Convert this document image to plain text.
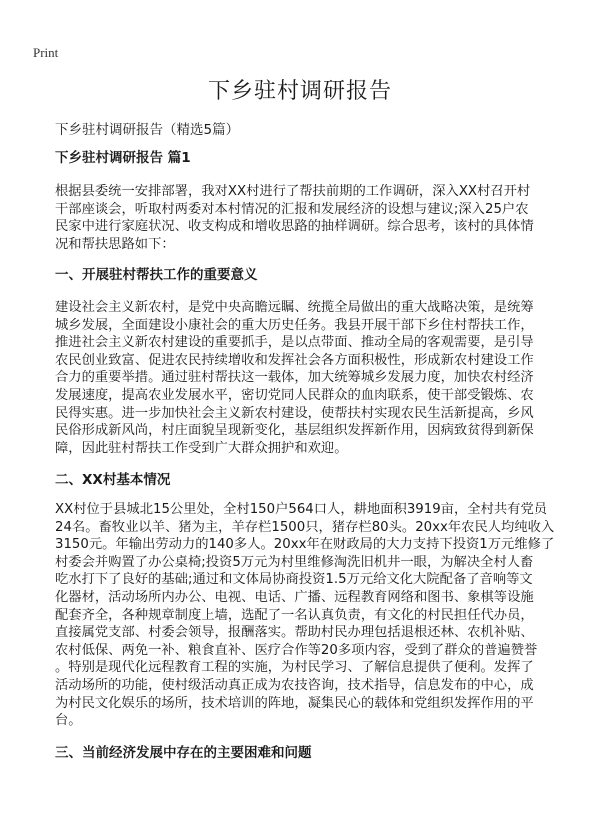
Print
下乡驻村调研报告
下乡驻村调研报告（精选5篇）
下乡驻村调研报告 篇1
根据县委统一安排部署，我对XX村进行了帮扶前期的工作调研，深入XX村召开村
干部座谈会，听取村两委对本村情况的汇报和发展经济的设想与建议;深入25户农
民家中进行家庭状况、收支构成和增收思路的抽样调研。综合思考，该村的具体情
况和帮扶思路如下：
一、开展驻村帮扶工作的重要意义
建设社会主义新农村，是党中央高瞻远瞩、统揽全局做出的重大战略决策，是统筹
城乡发展，全面建设小康社会的重大历史任务。我县开展干部下乡住村帮扶工作，
推进社会主义新农村建设的重要抓手，是以点带面、推动全局的客观需要，是引导
农民创业致富、促进农民持续增收和发挥社会各方面积极性，形成新农村建设工作
合力的重要举措。通过驻村帮扶这一载体，加大统筹城乡发展力度，加快农村经济
发展速度，提高农业发展水平，密切党同人民群众的血肉联系，使干部受锻炼、农
民得实惠。进一步加快社会主义新农村建设，使帮扶村实现农民生活新提高，乡风
民俗形成新风尚，村庄面貌呈现新变化，基层组织发挥新作用，因病致贫得到新保
障，因此驻村帮扶工作受到广大群众拥护和欢迎。
二、XX村基本情况
XX村位于县城北15公里处，全村150户564口人，耕地面积3919亩，全村共有党员
24名。畜牧业以羊、猪为主，羊存栏1500只，猪存栏80头。20xx年农民人均纯收入
3150元。年输出劳动力的140多人。20xx年在财政局的大力支持下投资1万元维修了
村委会并购置了办公桌椅;投资5万元为村里维修淘洗旧机井一眼，为解决全村人畜
吃水打下了良好的基础;通过和文体局协商投资1.5万元给文化大院配备了音响等文
化器材，活动场所内办公、电视、电话、广播、远程教育网络和图书、象棋等设施
配套齐全，各种规章制度上墙，选配了一名认真负责，有文化的村民担任代办员，
直接属党支部、村委会领导，报酬落实。帮助村民办理包括退根还林、农机补贴、
农村低保、两免一补、粮食直补、医疗合作等20多项内容，受到了群众的普遍赞誉
。特别是现代化远程教育工程的实施，为村民学习、了解信息提供了便利。发挥了
活动场所的功能，使村级活动真正成为农技咨询，技术指导，信息发布的中心，成
为村民文化娱乐的场所，技术培训的阵地，凝集民心的载体和党组织发挥作用的平
台。
三、当前经济发展中存在的主要困难和问题
